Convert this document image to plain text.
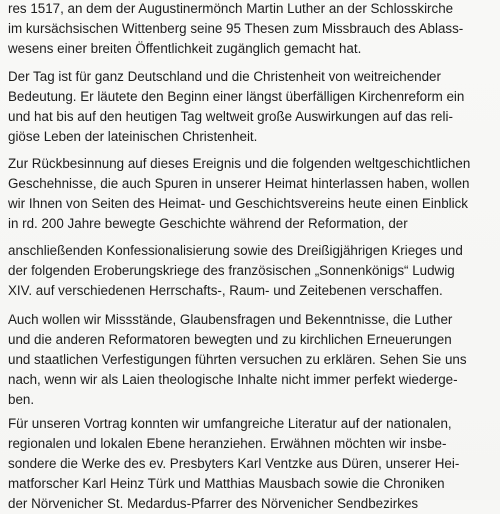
res 1517, an dem der Augustinermönch Martin Luther an der Schlosskirche
im kursächsischen Wittenberg seine 95 Thesen zum Missbrauch des Ablass-
wesens einer breiten Öffentlichkeit zugänglich gemacht hat.

Der Tag ist für ganz Deutschland und die Christenheit von weitreichender
Bedeutung. Er läutete den Beginn einer längst überfälligen Kirchenreform ein
und hat bis auf den heutigen Tag weltweit große Auswirkungen auf das reli-
giöse Leben der lateinischen Christenheit.

Zur Rückbesinnung auf dieses Ereignis und die folgenden weltgeschichtlichen
Geschehnisse, die auch Spuren in unserer Heimat hinterlassen haben, wollen
wir Ihnen von Seiten des Heimat- und Geschichtsvereins heute einen Einblick
in rd. 200 Jahre bewegte Geschichte während der Reformation, der

anschließenden Konfessionalisierung sowie des Dreißigjährigen Krieges und
der folgenden Eroberungskriege des französischen „Sonnenkönigs“ Ludwig
XIV. auf verschiedenen Herrschafts-, Raum- und Zeitebenen verschaffen.

Auch wollen wir Missstände, Glaubensfragen und Bekenntnisse, die Luther
und die anderen Reformatoren bewegten und zu kirchlichen Erneuerungen
und staatlichen Verfestigungen führten versuchen zu erklären. Sehen Sie uns
nach, wenn wir als Laien theologische Inhalte nicht immer perfekt wiederge-
ben.

Für unseren Vortrag konnten wir umfangreiche Literatur auf der nationalen,
regionalen und lokalen Ebene heranziehen. Erwähnen möchten wir insbe-
sondere die Werke des ev. Presbyters Karl Ventzke aus Düren, unserer Hei-
matforscher Karl Heinz Türk und Matthias Mausbach sowie die Chroniken
der Nörvenicher St. Medardus-Pfarrer des Nörvenicher Sendbezirkes
